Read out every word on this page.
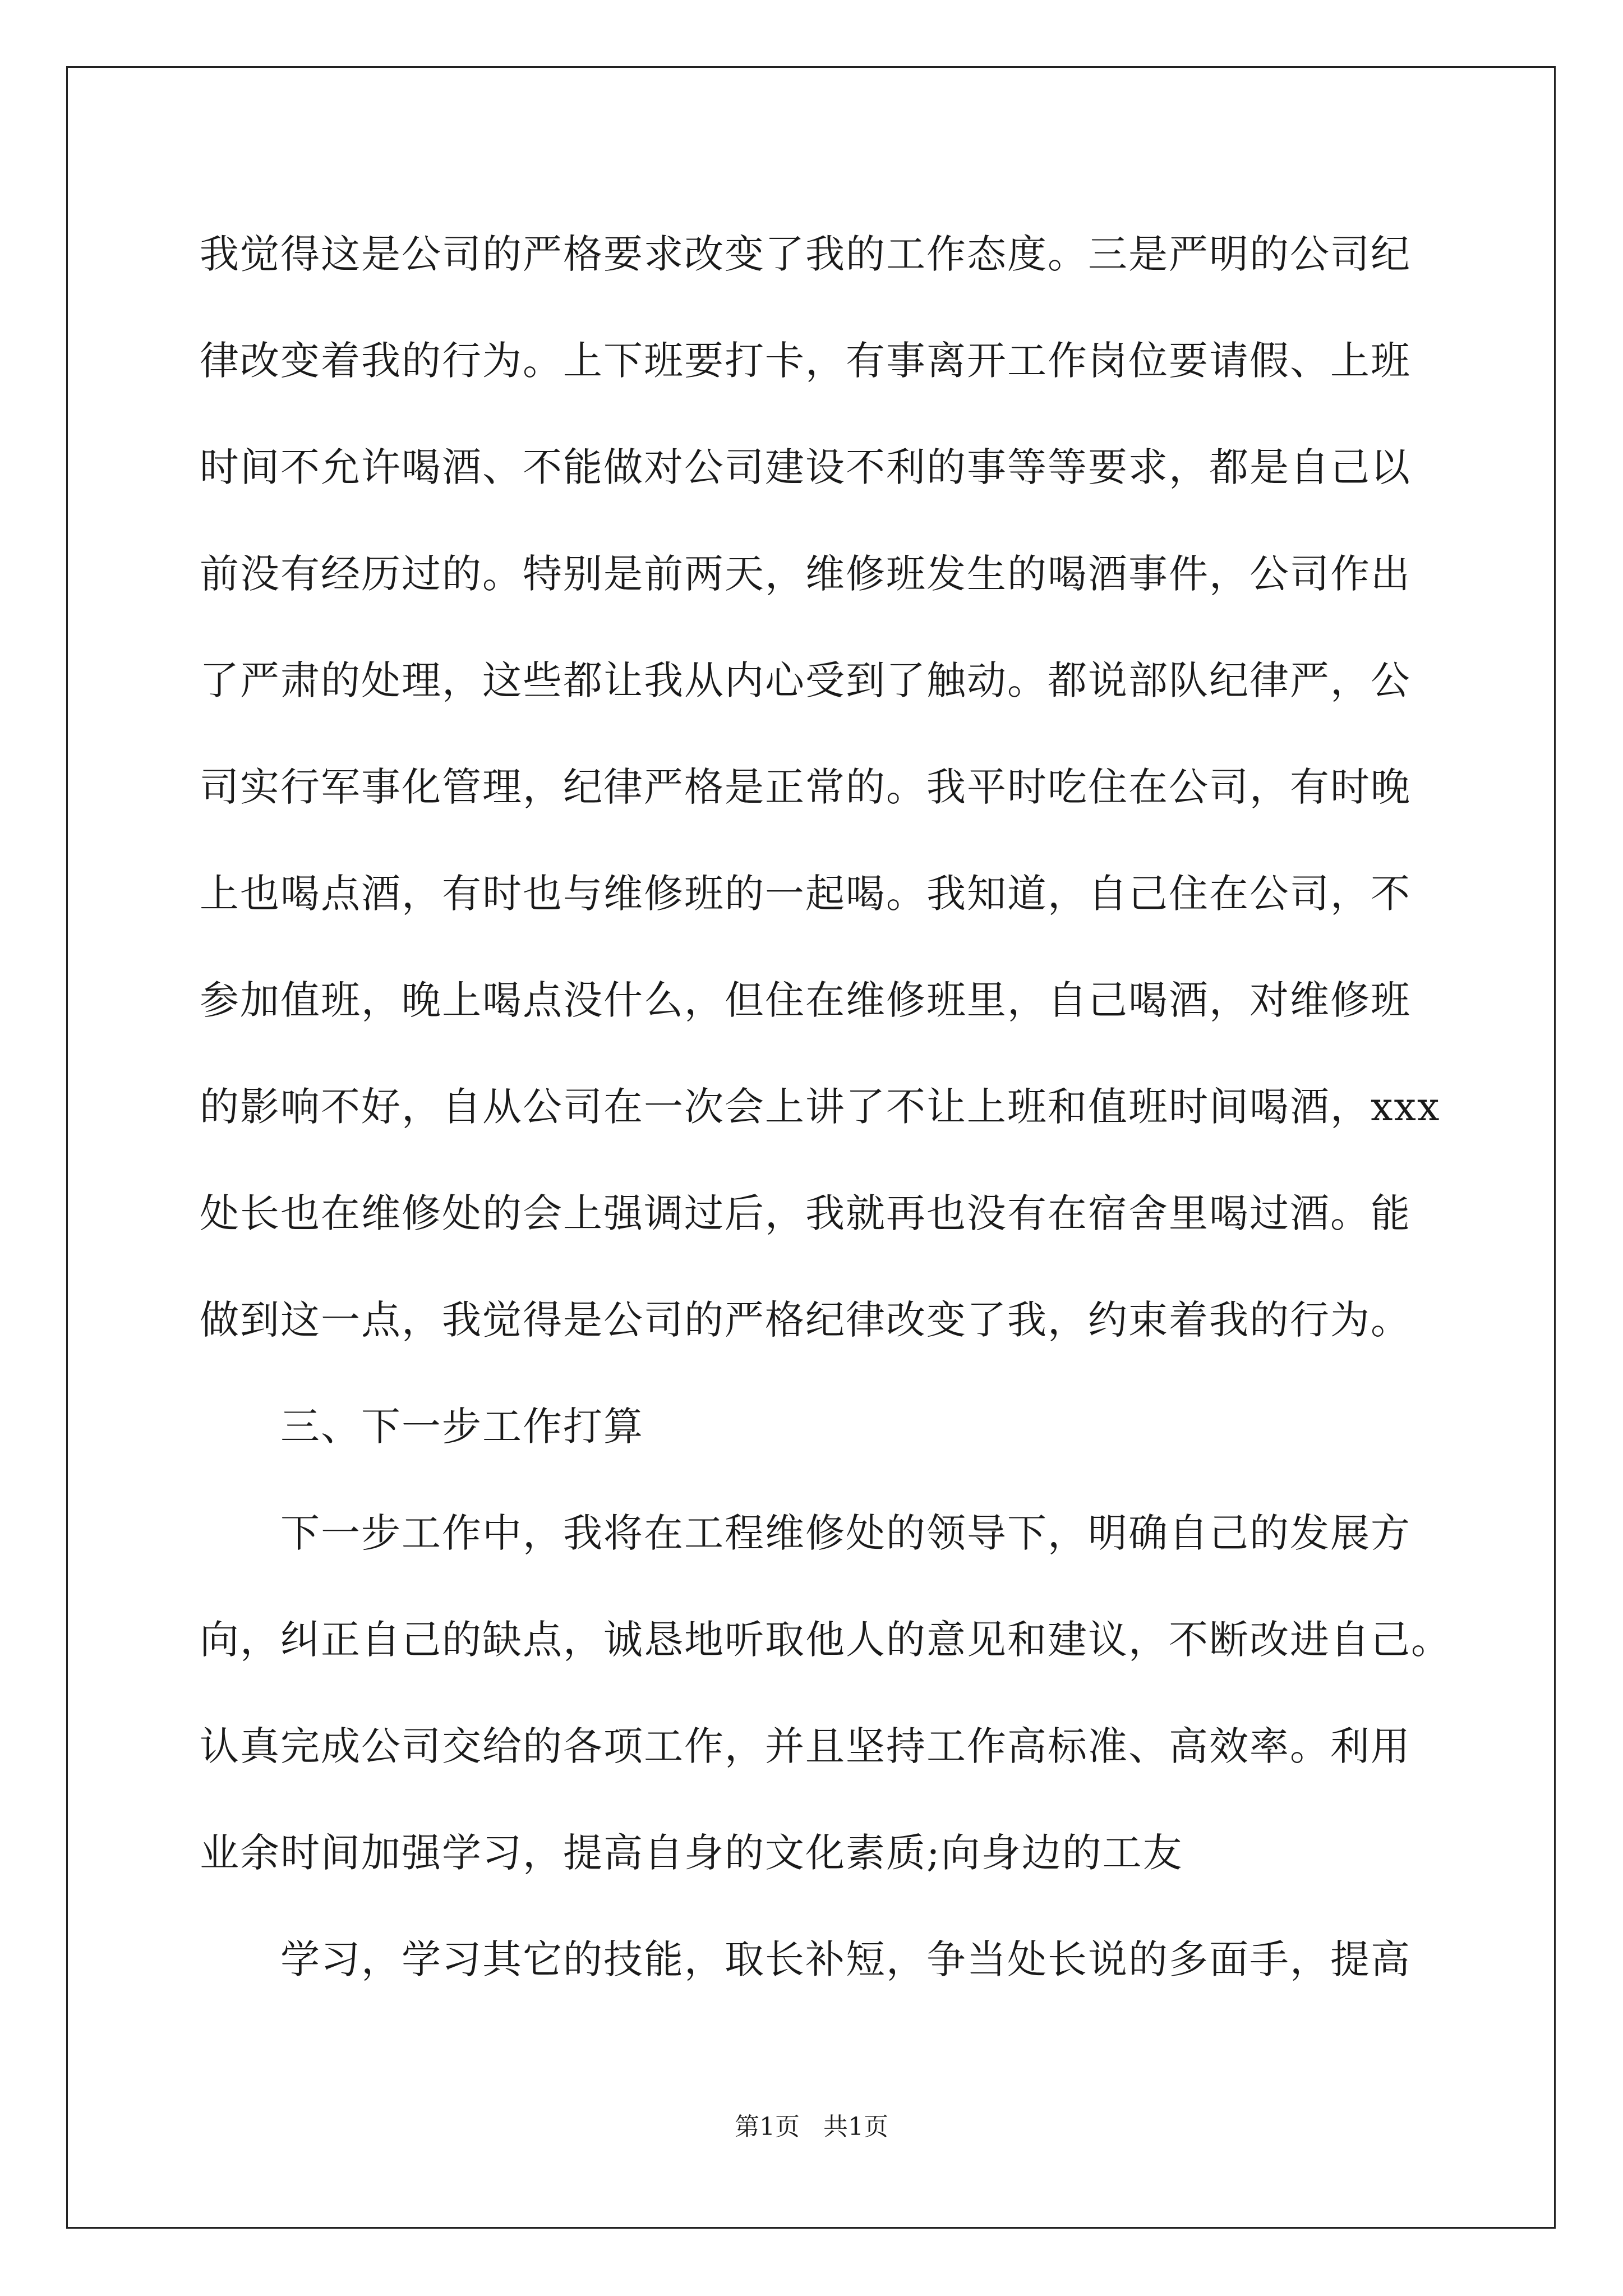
我觉得这是公司的严格要求改变了我的工作态度。三是严明的公司纪
律改变着我的行为。上下班要打卡，有事离开工作岗位要请假、上班
时间不允许喝酒、不能做对公司建设不利的事等等要求，都是自己以
前没有经历过的。特别是前两天，维修班发生的喝酒事件，公司作出
了严肃的处理，这些都让我从内心受到了触动。都说部队纪律严，公
司实行军事化管理，纪律严格是正常的。我平时吃住在公司，有时晚
上也喝点酒，有时也与维修班的一起喝。我知道，自己住在公司，不
参加值班，晚上喝点没什么，但住在维修班里，自己喝酒，对维修班
的影响不好，自从公司在一次会上讲了不让上班和值班时间喝酒，xxx
处长也在维修处的会上强调过后，我就再也没有在宿舍里喝过酒。能
做到这一点，我觉得是公司的严格纪律改变了我，约束着我的行为。
三、下一步工作打算
下一步工作中，我将在工程维修处的领导下，明确自己的发展方
向，纠正自己的缺点，诚恳地听取他人的意见和建议，不断改进自己。
认真完成公司交给的各项工作，并且坚持工作高标准、高效率。利用
业余时间加强学习，提高自身的文化素质;向身边的工友
学习，学习其它的技能，取长补短，争当处长说的多面手，提高
第1页 共1页
